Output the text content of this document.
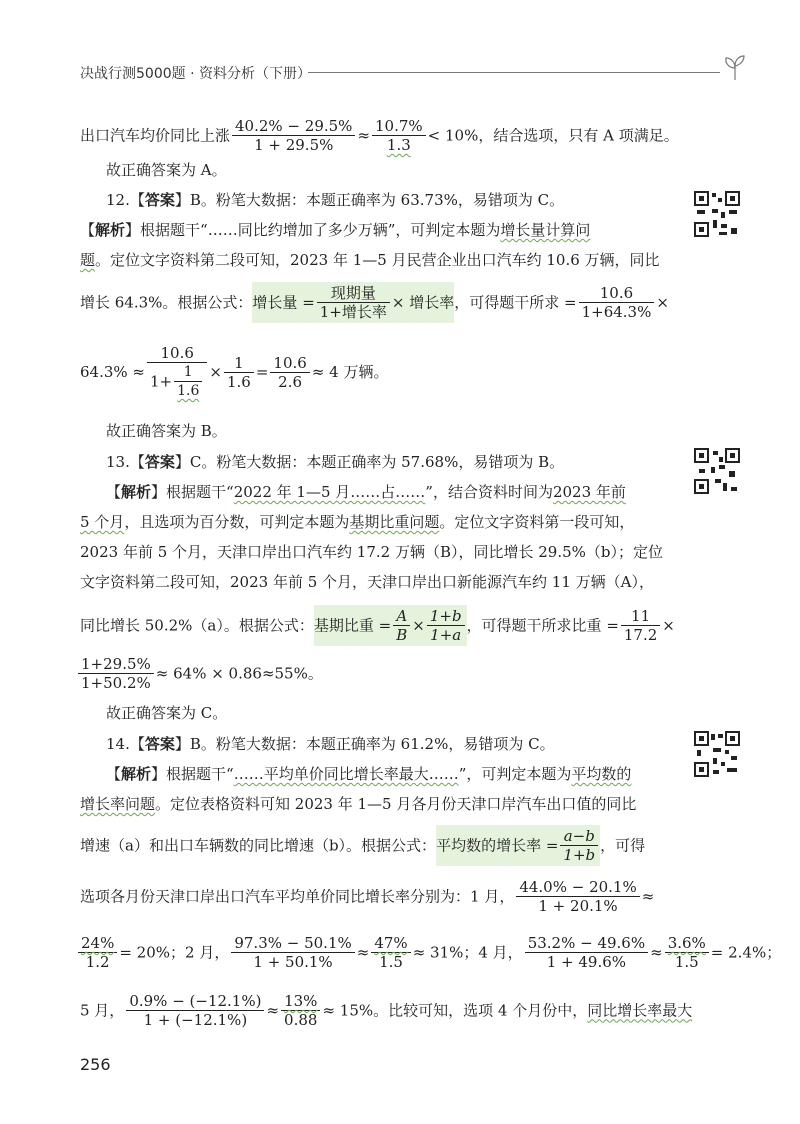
决战行测5000题 · 资料分析（下册）
出口汽车均价同比上涨 $\frac{40.2\% - 29.5\%}{1 + 29.5\%} \approx \frac{10.7\%}{1.3} < 10\%$，结合选项，只有 A 项满足。
故正确答案为 A。
12.【答案】B。粉笔大数据：本题正确率为 63.73%，易错项为 C。
【解析】根据题干“……同比约增加了多少万辆”，可判定本题为增长量计算问
题。定位文字资料第二段可知，2023 年 1—5 月民营企业出口汽车约 10.6 万辆，同比
增长 64.3%。根据公式：增长量 =
现期量
1+增长率
× 增长率，可得题干所求 = $\frac{10.6}{1+64.3\%}$ ×
$64.3\% \approx \frac{10.6}{1+ \frac{1}{1.6}} \times \frac{1}{1.6} = \frac{10.6}{2.6} \approx 4$ 万辆。
故正确答案为 B。
13.【答案】C。粉笔大数据：本题正确率为 57.68%，易错项为 B。
【解析】根据题干“2022 年 1—5 月……占……”，结合资料时间为2023 年前
5 个月，且选项为百分数，可判定本题为基期比重问题。定位文字资料第一段可知，
2023 年前 5 个月，天津口岸出口汽车约 17.2 万辆（B），同比增长 29.5%（b）；定位
文字资料第二段可知，2023 年前 5 个月，天津口岸出口新能源汽车约 11 万辆（A），
同比增长 50.2%（a）。根据公式：基期比重 = $\frac{A}{B} \times \frac{1+b}{1+a}$ ，可得题干所求比重 = $\frac{11}{17.2}$ ×
$\frac{1+29.5\%}{1+50.2\%} \approx 64\% \times 0.86\approx 55\%$。
故正确答案为 C。
14.【答案】B。粉笔大数据：本题正确率为 61.2%，易错项为 C。
【解析】根据题干“……平均单价同比增长率最大……”，可判定本题为平均数的
增长率问题。定位表格资料可知 2023 年 1—5 月各月份天津口岸汽车出口值的同比
增速（a）和出口车辆数的同比增速（b）。根据公式：平均数的增长率 = $\frac{a-b}{1+b}$ ，可得
选项各月份天津口岸出口汽车平均单价同比增长率分别为：1 月， $\frac{44.0\% - 20.1\%}{1 + 20.1\%}$ ≈
$\frac{24\%}{1.2} = 20\%$；2 月， $\frac{97.3\% - 50.1\%}{1 + 50.1\%} \approx \frac{47\%}{1.5} \approx 31\%$；4 月， $\frac{53.2\% - 49.6\%}{1 + 49.6\%} \approx \frac{3.6\%}{1.5} = 2.4\%$；
5 月， $\frac{0.9\% - (-12.1\%)}{1 + (-12.1\%)} \approx \frac{13\%}{0.88} \approx 15\%$。比较可知，选项 4 个月份中，同比增长率最大
256
